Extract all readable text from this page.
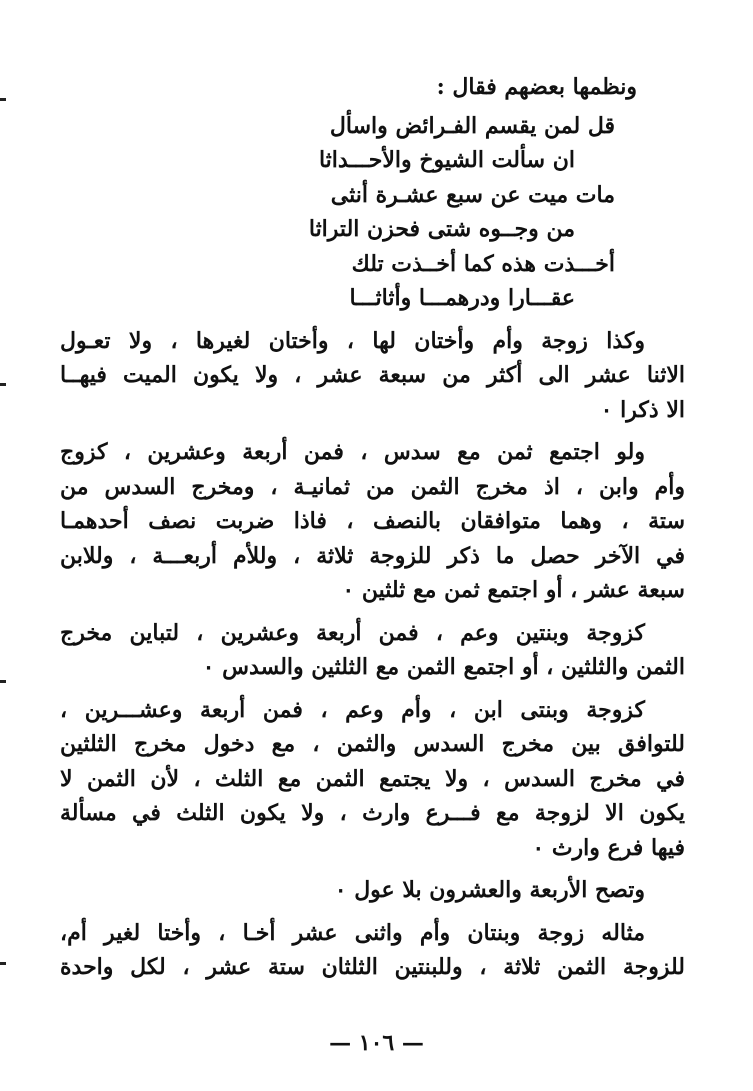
ونظمها بعضهم فقال :
قل لمن يقسم الفـرائض واسأل
ان سألت الشيوخ والأحـــداثا
مات ميت عن سبع عشـرة أنثى
من وجــوه شتى فحزن التراثا
أخـــذت هذه كما أخــذت تلك
عقـــارا ودرهمـــا وأثاثـــا
وكذا زوجة وأم وأختان لها ، وأختان لغيرها ، ولا تعـول
الاثنا عشر الى أكثر من سبعة عشر ، ولا يكون الميت فيهــا
الا ذكرا ٠
ولو اجتمع ثمن مع سدس ، فمن أربعة وعشرين ، كزوج
وأم وابن ، اذ مخرج الثمن من ثمانيـة ، ومخرج السدس من
ستة ، وهما متوافقان بالنصف ، فاذا ضربت نصف أحدهمـا
في الآخر حصل ما ذكر للزوجة ثلاثة ، وللأم أربعـــة ، وللابن
سبعة عشر ، أو اجتمع ثمن مع ثلثين ٠
كزوجة وبنتين وعم ، فمن أربعة وعشرين ، لتباين مخرج
الثمن والثلثين ، أو اجتمع الثمن مع الثلثين والسدس ٠
كزوجة وبنتى ابن ، وأم وعم ، فمن أربعة وعشـــرين ،
للتوافق بين مخرج السدس والثمن ، مع دخول مخرج الثلثين
في مخرج السدس ، ولا يجتمع الثمن مع الثلث ، لأن الثمن لا
يكون الا لزوجة مع فـــرع وارث ، ولا يكون الثلث في مسألة
فيها فرع وارث ٠
وتصح الأربعة والعشرون بلا عول ٠
مثاله زوجة وبنتان وأم واثنى عشر أخـا ، وأختا لغير أم،
للزوجة الثمن ثلاثة ، وللبنتين الثلثان ستة عشر ، لكل واحدة
— ١٠٦ —
